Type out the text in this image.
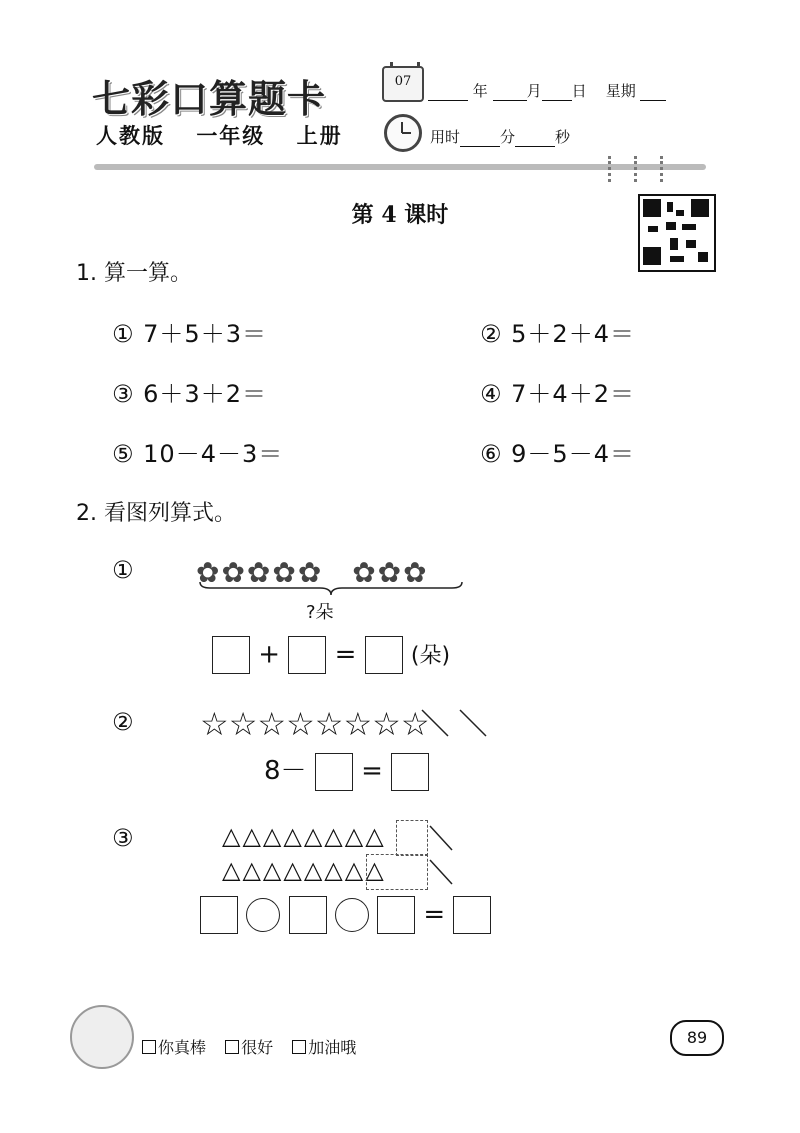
七彩口算题卡
人教版 一年级 上册
07
年	月 日 星期
用时	分	秒
第 4 课时
1. 算一算。
① 7＋5＋3＝	② 5＋2＋4＝
③ 6＋3＋2＝	④ 7＋4＋2＝
⑤ 10－4－3＝	⑥ 9－5－4＝
2. 看图列算式。
① ✿✿✿✿✿ ✿✿✿
?朵
+ = (朵)
② ☆☆☆☆☆☆☆☆
8－ =
③	△△△△△△△△
△△△△△△△△
=
你真棒 很好 加油哦
89
